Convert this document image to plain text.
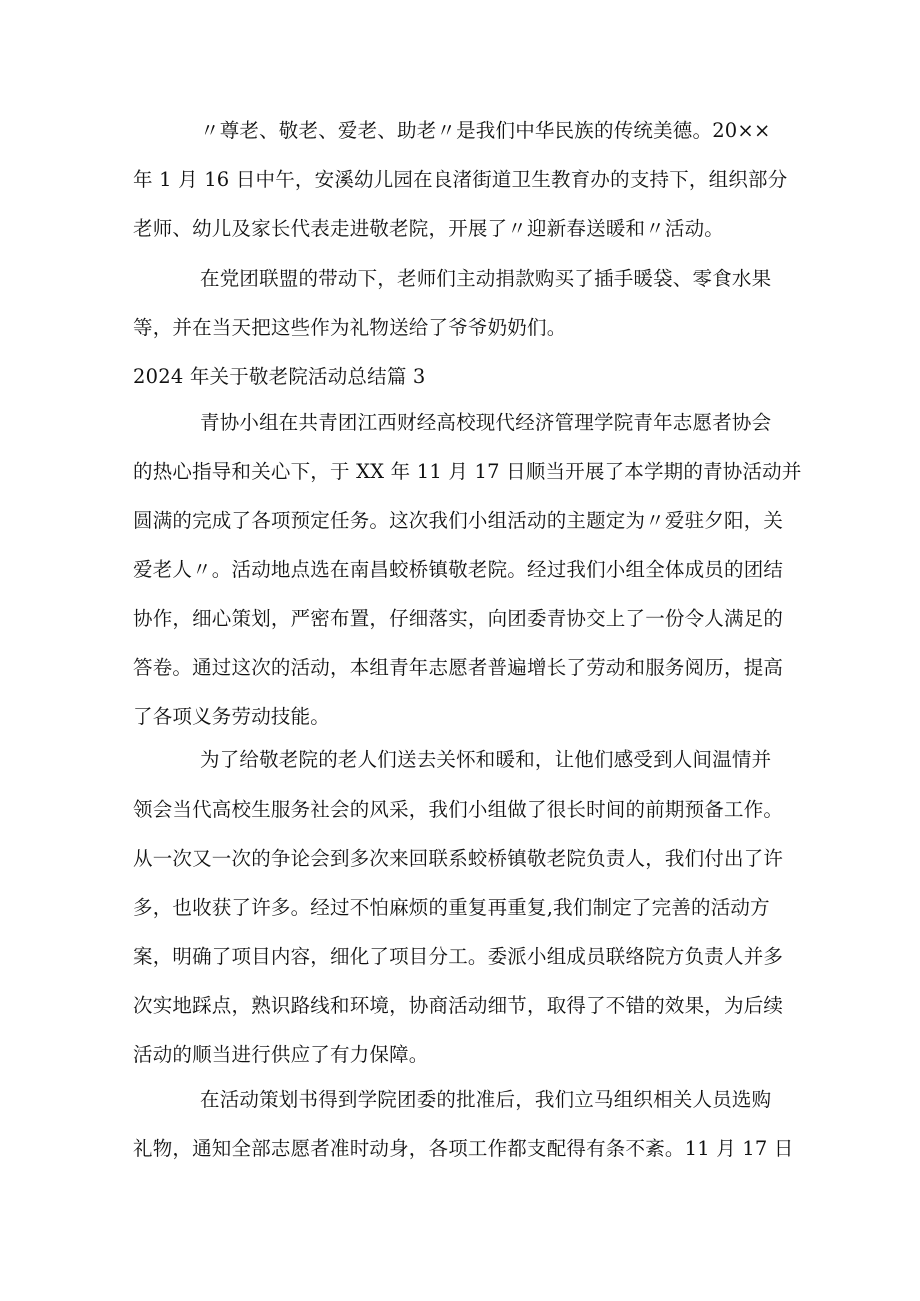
〃尊老、敬老、爱老、助老〃是我们中华民族的传统美德。20××
年 1 月 16 日中午，安溪幼儿园在良渚街道卫生教育办的支持下，组织部分
老师、幼儿及家长代表走进敬老院，开展了〃迎新春送暖和〃活动。
在党团联盟的带动下，老师们主动捐款购买了插手暖袋、零食水果
等，并在当天把这些作为礼物送给了爷爷奶奶们。
2024 年关于敬老院活动总结篇 3
青协小组在共青团江西财经高校现代经济管理学院青年志愿者协会
的热心指导和关心下，于 XX 年 11 月 17 日顺当开展了本学期的青协活动并
圆满的完成了各项预定任务。这次我们小组活动的主题定为〃爱驻夕阳，关
爱老人〃。活动地点选在南昌蛟桥镇敬老院。经过我们小组全体成员的团结
协作，细心策划，严密布置，仔细落实，向团委青协交上了一份令人满足的
答卷。通过这次的活动，本组青年志愿者普遍增长了劳动和服务阅历，提高
了各项义务劳动技能。
为了给敬老院的老人们送去关怀和暖和，让他们感受到人间温情并
领会当代高校生服务社会的风采，我们小组做了很长时间的前期预备工作。
从一次又一次的争论会到多次来回联系蛟桥镇敬老院负责人，我们付出了许
多，也收获了许多。经过不怕麻烦的重复再重复,我们制定了完善的活动方
案，明确了项目内容，细化了项目分工。委派小组成员联络院方负责人并多
次实地踩点，熟识路线和环境，协商活动细节，取得了不错的效果，为后续
活动的顺当进行供应了有力保障。
在活动策划书得到学院团委的批准后，我们立马组织相关人员选购
礼物，通知全部志愿者准时动身，各项工作都支配得有条不紊。11 月 17 日
